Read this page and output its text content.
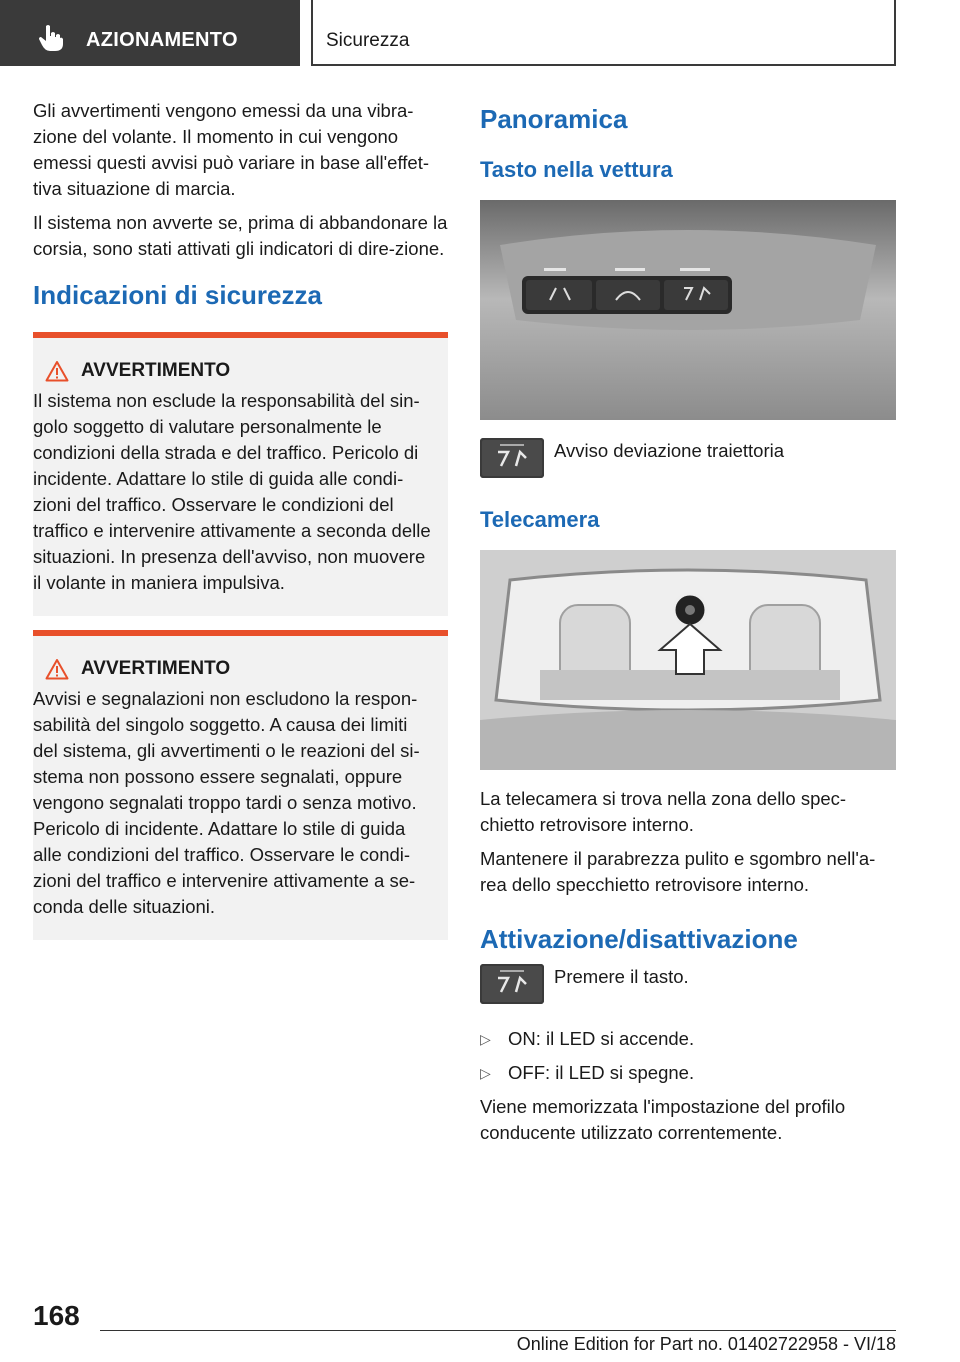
AZIONAMENTO	Sicurezza

Gli avvertimenti vengono emessi da una vibra-zione del volante. Il momento in cui vengono emessi questi avvisi può variare in base all'effet-tiva situazione di marcia.

Il sistema non avverte se, prima di abbandonare la corsia, sono stati attivati gli indicatori di dire-zione.

Indicazioni di sicurezza
AVVERTIMENTO
Il sistema non esclude la responsabilità del sin-golo soggetto di valutare personalmente le condizioni della strada e del traffico. Pericolo di incidente. Adattare lo stile di guida alle condi-zioni del traffico. Osservare le condizioni del traffico e intervenire attivamente a seconda delle situazioni. In presenza dell'avviso, non muovere il volante in maniera impulsiva.
AVVERTIMENTO
Avvisi e segnalazioni non escludono la respon-sabilità del singolo soggetto. A causa dei limiti del sistema, gli avvertimenti o le reazioni del si-stema non possono essere segnalati, oppure vengono segnalati troppo tardi o senza motivo. Pericolo di incidente. Adattare lo stile di guida alle condizioni del traffico. Osservare le condi-zioni del traffico e intervenire attivamente a se-conda delle situazioni.
Panoramica
Tasto nella vettura
Avviso deviazione traiettoria
Telecamera

La telecamera si trova nella zona dello spec-chietto retrovisore interno.

Mantenere il parabrezza pulito e sgombro nell'a-rea dello specchietto retrovisore interno.

Attivazione/disattivazione
Premere il tasto.
▷ ON: il LED si accende.
▷ OFF: il LED si spegne.

Viene memorizzata l'impostazione del profilo conducente utilizzato correntemente.

168
Online Edition for Part no. 01402722958 - VI/18
